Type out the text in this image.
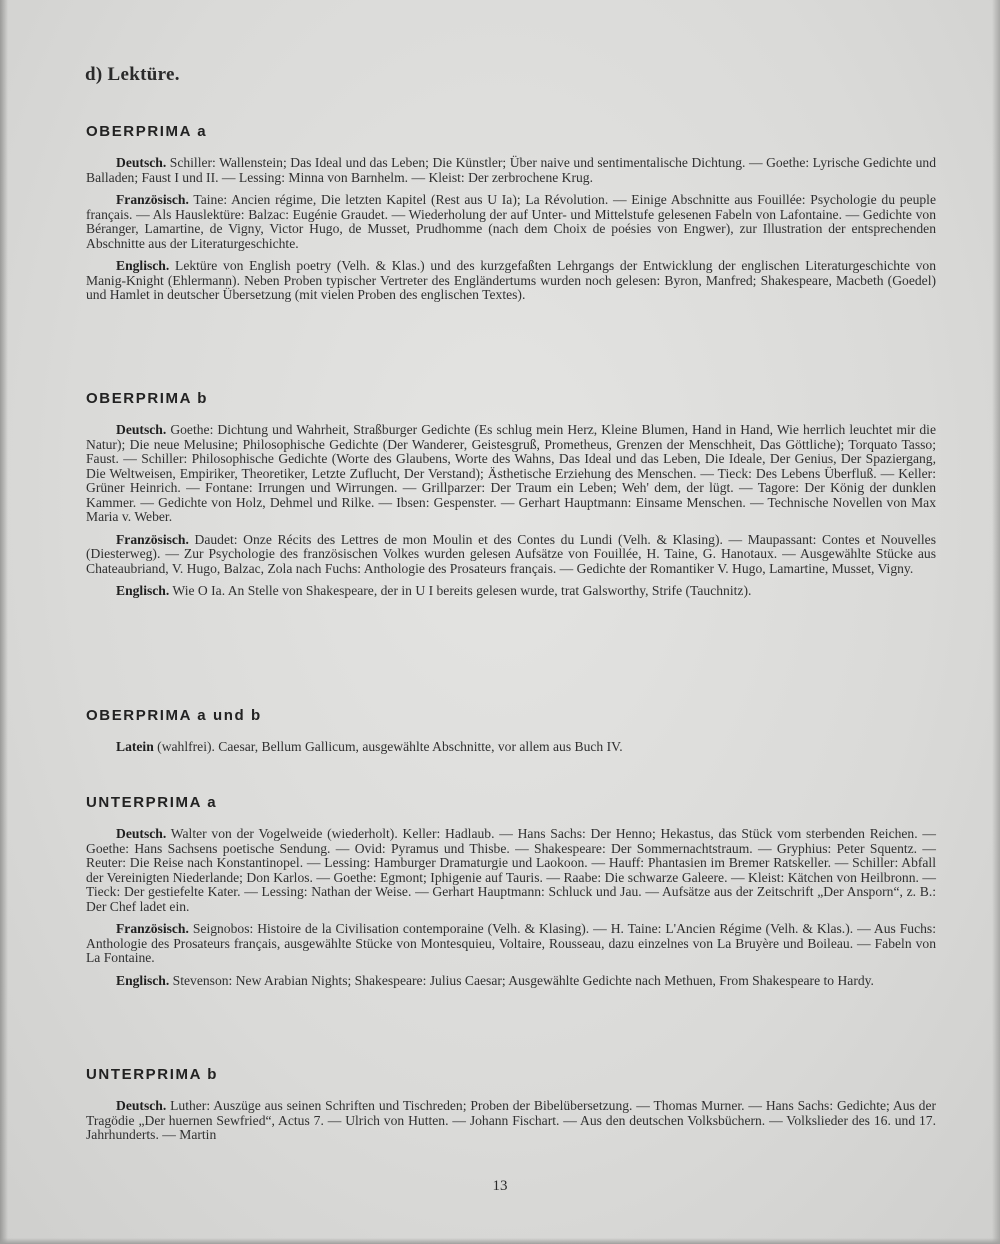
d) Lektüre.
OBERPRIMA a

Deutsch. Schiller: Wallenstein; Das Ideal und das Leben; Die Künstler; Über naive und sentimentalische Dichtung. — Goethe: Lyrische Gedichte und Balladen; Faust I und II. — Lessing: Minna von Barnhelm. — Kleist: Der zerbrochene Krug.

Französisch. Taine: Ancien régime, Die letzten Kapitel (Rest aus U Ia); La Révolution. — Einige Abschnitte aus Fouillée: Psychologie du peuple français. — Als Hauslektüre: Balzac: Eugénie Graudet. — Wiederholung der auf Unter- und Mittelstufe gelesenen Fabeln von Lafontaine. — Gedichte von Béranger, Lamartine, de Vigny, Victor Hugo, de Musset, Prudhomme (nach dem Choix de poésies von Engwer), zur Illustration der entsprechenden Abschnitte aus der Literaturgeschichte.

Englisch. Lektüre von English poetry (Velh. & Klas.) und des kurzgefaßten Lehrgangs der Entwicklung der englischen Literaturgeschichte von Manig-Knight (Ehlermann). Neben Proben typischer Vertreter des Engländertums wurden noch gelesen: Byron, Manfred; Shakespeare, Macbeth (Goedel) und Hamlet in deutscher Übersetzung (mit vielen Proben des englischen Textes).

OBERPRIMA b

Deutsch. Goethe: Dichtung und Wahrheit, Straßburger Gedichte (Es schlug mein Herz, Kleine Blumen, Hand in Hand, Wie herrlich leuchtet mir die Natur); Die neue Melusine; Philosophische Gedichte (Der Wanderer, Geistesgruß, Prometheus, Grenzen der Menschheit, Das Göttliche); Torquato Tasso; Faust. — Schiller: Philosophische Gedichte (Worte des Glaubens, Worte des Wahns, Das Ideal und das Leben, Die Ideale, Der Genius, Der Spaziergang, Die Weltweisen, Empiriker, Theoretiker, Letzte Zuflucht, Der Verstand); Ästhetische Erziehung des Menschen. — Tieck: Des Lebens Überfluß. — Keller: Grüner Heinrich. — Fontane: Irrungen und Wirrungen. — Grillparzer: Der Traum ein Leben; Weh' dem, der lügt. — Tagore: Der König der dunklen Kammer. — Gedichte von Holz, Dehmel und Rilke. — Ibsen: Gespenster. — Gerhart Hauptmann: Einsame Menschen. — Technische Novellen von Max Maria v. Weber.

Französisch. Daudet: Onze Récits des Lettres de mon Moulin et des Contes du Lundi (Velh. & Klasing). — Maupassant: Contes et Nouvelles (Diesterweg). — Zur Psychologie des französischen Volkes wurden gelesen Aufsätze von Fouillée, H. Taine, G. Hanotaux. — Ausgewählte Stücke aus Chateaubriand, V. Hugo, Balzac, Zola nach Fuchs: Anthologie des Prosateurs français. — Gedichte der Romantiker V. Hugo, Lamartine, Musset, Vigny.

Englisch. Wie O Ia. An Stelle von Shakespeare, der in U I bereits gelesen wurde, trat Galsworthy, Strife (Tauchnitz).

OBERPRIMA a und b

Latein (wahlfrei). Caesar, Bellum Gallicum, ausgewählte Abschnitte, vor allem aus Buch IV.

UNTERPRIMA a

Deutsch. Walter von der Vogelweide (wiederholt). Keller: Hadlaub. — Hans Sachs: Der Henno; Hekastus, das Stück vom sterbenden Reichen. — Goethe: Hans Sachsens poetische Sendung. — Ovid: Pyramus und Thisbe. — Shakespeare: Der Sommernachtstraum. — Gryphius: Peter Squentz. — Reuter: Die Reise nach Konstantinopel. — Lessing: Hamburger Dramaturgie und Laokoon. — Hauff: Phantasien im Bremer Ratskeller. — Schiller: Abfall der Vereinigten Niederlande; Don Karlos. — Goethe: Egmont; Iphigenie auf Tauris. — Raabe: Die schwarze Galeere. — Kleist: Kätchen von Heilbronn. — Tieck: Der gestiefelte Kater. — Lessing: Nathan der Weise. — Gerhart Hauptmann: Schluck und Jau. — Aufsätze aus der Zeitschrift „Der Ansporn“, z. B.: Der Chef ladet ein.

Französisch. Seignobos: Histoire de la Civilisation contemporaine (Velh. & Klasing). — H. Taine: L'Ancien Régime (Velh. & Klas.). — Aus Fuchs: Anthologie des Prosateurs français, ausgewählte Stücke von Montesquieu, Voltaire, Rousseau, dazu einzelnes von La Bruyère und Boileau. — Fabeln von La Fontaine.

Englisch. Stevenson: New Arabian Nights; Shakespeare: Julius Caesar; Ausgewählte Gedichte nach Methuen, From Shakespeare to Hardy.

UNTERPRIMA b

Deutsch. Luther: Auszüge aus seinen Schriften und Tischreden; Proben der Bibelübersetzung. — Thomas Murner. — Hans Sachs: Gedichte; Aus der Tragödie „Der huernen Sewfried“, Actus 7. — Ulrich von Hutten. — Johann Fischart. — Aus den deutschen Volksbüchern. — Volkslieder des 16. und 17. Jahrhunderts. — Martin

13
